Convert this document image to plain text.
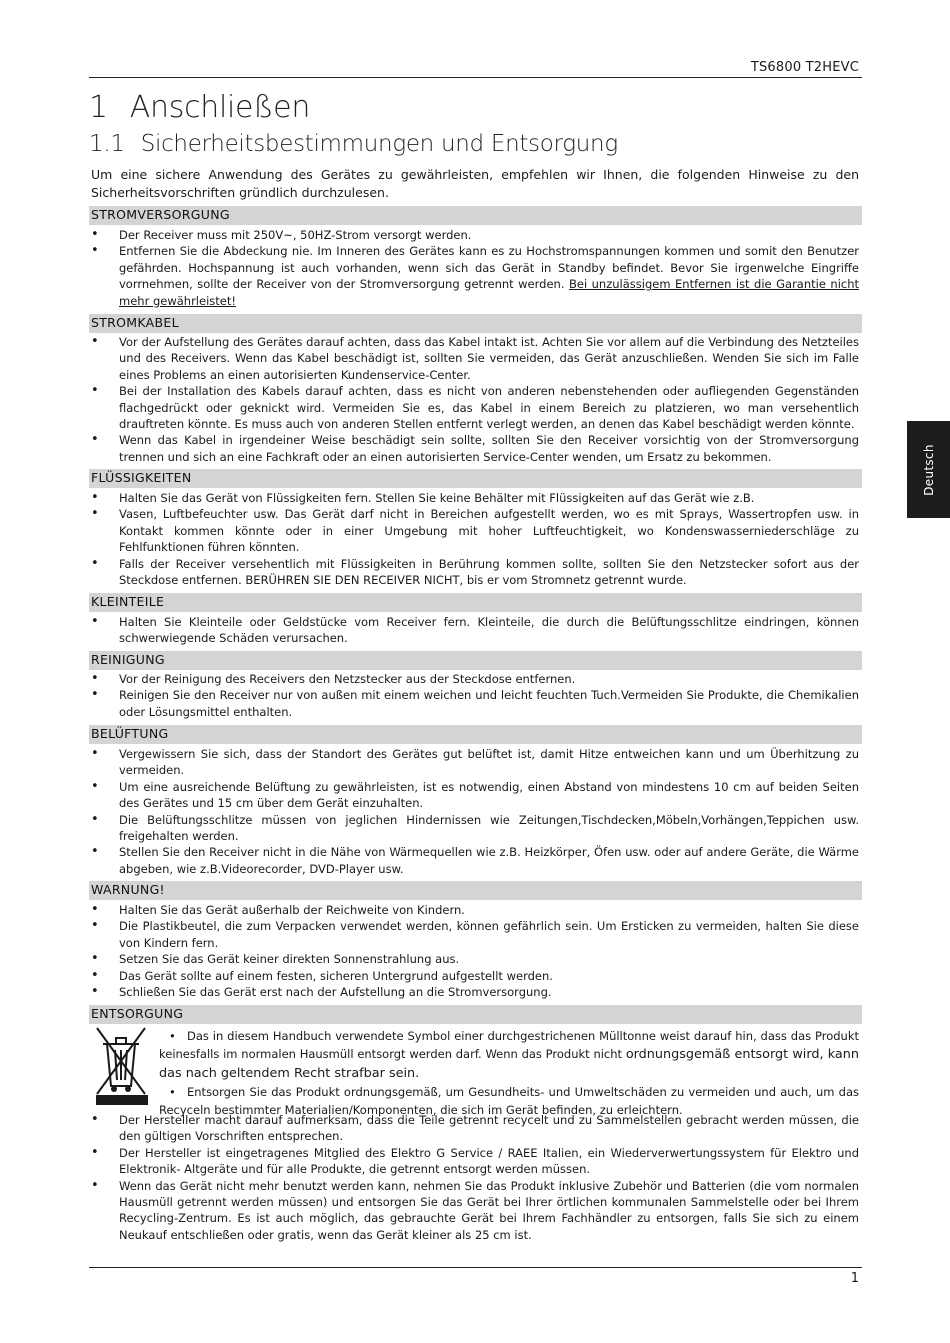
TS6800 T2HEVC
1 Anschließen
1.1 Sicherheitsbestimmungen und Entsorgung
Um eine sichere Anwendung des Gerätes zu gewährleisten, empfehlen wir Ihnen, die folgenden Hinweise zu den Sicherheitsvorschriften gründlich durchzulesen.
Deutsch
STROMVERSORGUNG
• Der Receiver muss mit 250V~, 50HZ-Strom versorgt werden.
• Entfernen Sie die Abdeckung nie. Im Inneren des Gerätes kann es zu Hochstromspannungen kommen und somit den Benutzer gefährden. Hochspannung ist auch vorhanden, wenn sich das Gerät in Standby befindet. Bevor Sie irgenwelche Eingriffe vorrnehmen, sollte der Receiver von der Stromversorgung getrennt werden. Bei unzulässigem Entfernen ist die Garantie nicht mehr gewährleistet!
STROMKABEL
• Vor der Aufstellung des Gerätes darauf achten, dass das Kabel intakt ist. Achten Sie vor allem auf die Verbindung des Netzteiles und des Receivers. Wenn das Kabel beschädigt ist, sollten Sie vermeiden, das Gerät anzuschließen. Wenden Sie sich im Falle eines Problems an einen autorisierten Kundenservice-Center.
• Bei der Installation des Kabels darauf achten, dass es nicht von anderen nebenstehenden oder aufliegenden Gegenständen flachgedrückt oder geknickt wird. Vermeiden Sie es, das Kabel in einem Bereich zu platzieren, wo man versehentlich drauftreten könnte. Es muss auch von anderen Stellen entfernt verlegt werden, an denen das Kabel beschädigt werden könnte.
• Wenn das Kabel in irgendeiner Weise beschädigt sein sollte, sollten Sie den Receiver vorsichtig von der Stromversorgung trennen und sich an eine Fachkraft oder an einen autorisierten Service-Center wenden, um Ersatz zu bekommen.
FLÜSSIGKEITEN
• Halten Sie das Gerät von Flüssigkeiten fern. Stellen Sie keine Behälter mit Flüssigkeiten auf das Gerät wie z.B.
• Vasen, Luftbefeuchter usw. Das Gerät darf nicht in Bereichen aufgestellt werden, wo es mit Sprays, Wassertropfen usw. in Kontakt kommen könnte oder in einer Umgebung mit hoher Luftfeuchtigkeit, wo Kondenswasserniederschläge zu Fehlfunktionen führen könnten.
• Falls der Receiver versehentlich mit Flüssigkeiten in Berührung kommen sollte, sollten Sie den Netzstecker sofort aus der Steckdose entfernen. BERÜHREN SIE DEN RECEIVER NICHT, bis er vom Stromnetz getrennt wurde.
KLEINTEILE
• Halten Sie Kleinteile oder Geldstücke vom Receiver fern. Kleinteile, die durch die Belüftungsschlitze eindringen, können schwerwiegende Schäden verursachen.
REINIGUNG
• Vor der Reinigung des Receivers den Netzstecker aus der Steckdose entfernen.
• Reinigen Sie den Receiver nur von außen mit einem weichen und leicht feuchten Tuch.Vermeiden Sie Produkte, die Chemikalien oder Lösungsmittel enthalten.
BELÜFTUNG
• Vergewissern Sie sich, dass der Standort des Gerätes gut belüftet ist, damit Hitze entweichen kann und um Überhitzung zu vermeiden.
• Um eine ausreichende Belüftung zu gewährleisten, ist es notwendig, einen Abstand von mindestens 10 cm auf beiden Seiten des Gerätes und 15 cm über dem Gerät einzuhalten.
• Die Belüftungsschlitze müssen von jeglichen Hindernissen wie Zeitungen,Tischdecken,Möbeln,Vorhängen,Teppichen usw. freigehalten werden.
• Stellen Sie den Receiver nicht in die Nähe von Wärmequellen wie z.B. Heizkörper, Öfen usw. oder auf andere Geräte, die Wärme abgeben, wie z.B.Videorecorder, DVD-Player usw.
WARNUNG!
• Halten Sie das Gerät außerhalb der Reichweite von Kindern.
• Die Plastikbeutel, die zum Verpacken verwendet werden, können gefährlich sein. Um Ersticken zu vermeiden, halten Sie diese von Kindern fern.
• Setzen Sie das Gerät keiner direkten Sonnenstrahlung aus.
• Das Gerät sollte auf einem festen, sicheren Untergrund aufgestellt werden.
• Schließen Sie das Gerät erst nach der Aufstellung an die Stromversorgung.
ENTSORGUNG

• Das in diesem Handbuch verwendete Symbol einer durchgestrichenen Mülltonne weist darauf hin, dass das Produkt keinesfalls im normalen Hausmüll entsorgt werden darf. Wenn das Produkt nicht ordnungsgemäß entsorgt wird, kann das nach geltendem Recht strafbar sein.

• Entsorgen Sie das Produkt ordnungsgemäß, um Gesundheits- und Umweltschäden zu vermeiden und auch, um das Recyceln bestimmter Materialien/Komponenten, die sich im Gerät befinden, zu erleichtern.

• Der Hersteller macht darauf aufmerksam, dass die Teile getrennt recycelt und zu Sammelstellen gebracht werden müssen, die den gültigen Vorschriften entsprechen.
• Der Hersteller ist eingetragenes Mitglied des Elektro G Service / RAEE Italien, ein Wiederverwertungssystem für Elektro und Elektronik- Altgeräte und für alle Produkte, die getrennt entsorgt werden müssen.
• Wenn das Gerät nicht mehr benutzt werden kann, nehmen Sie das Produkt inklusive Zubehör und Batterien (die vom normalen Hausmüll getrennt werden müssen) und entsorgen Sie das Gerät bei Ihrer örtlichen kommunalen Sammelstelle oder bei Ihrem Recycling-Zentrum. Es ist auch möglich, das gebrauchte Gerät bei Ihrem Fachhändler zu entsorgen, falls Sie sich zu einem Neukauf entschließen oder gratis, wenn das Gerät kleiner als 25 cm ist.
1
